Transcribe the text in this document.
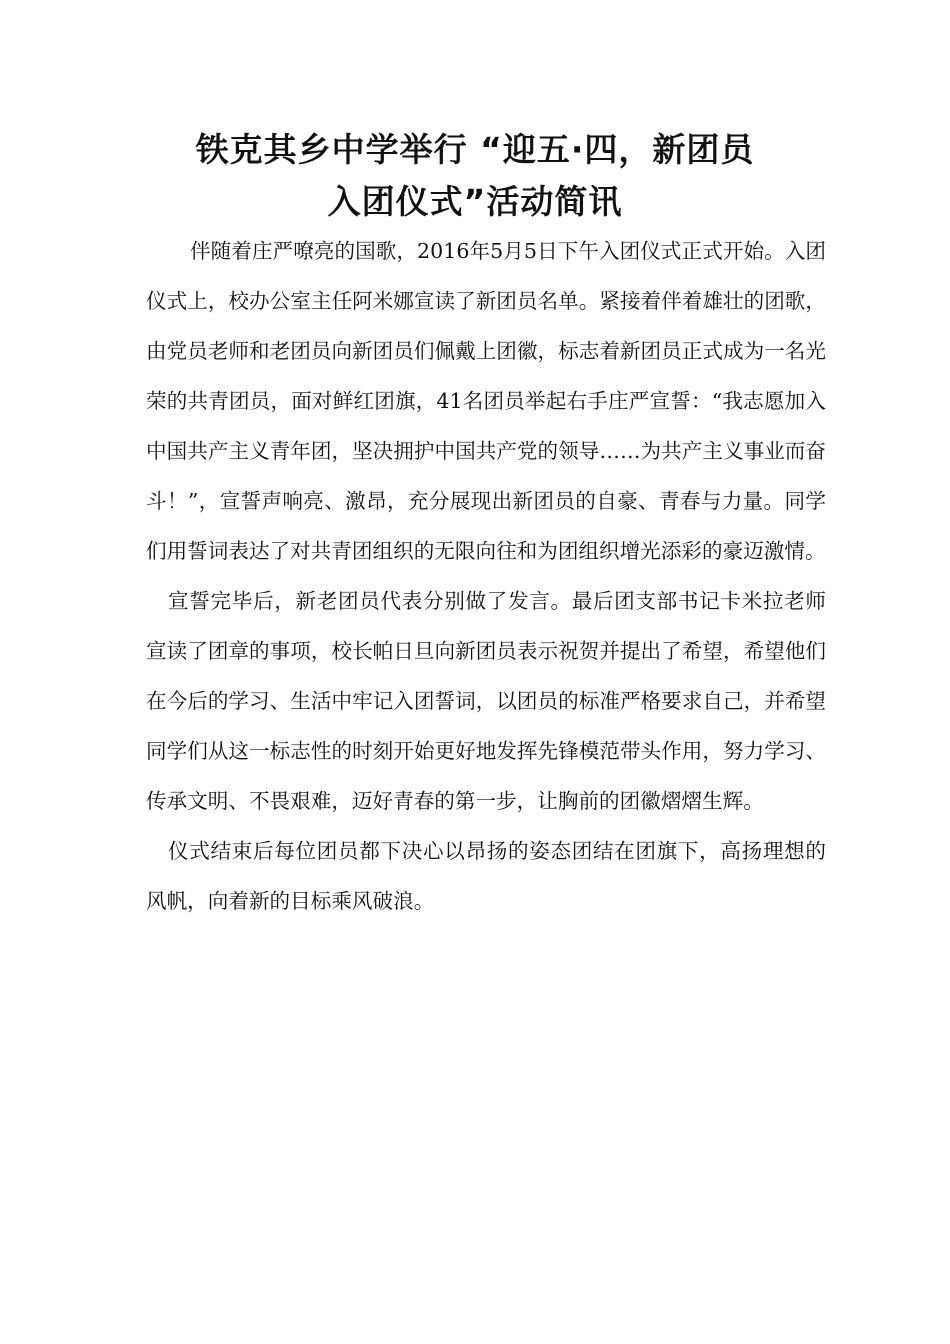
铁克其乡中学举行 “迎五·四，新团员
入团仪式”活动简讯

伴随着庄严嘹亮的国歌，2016年5月5日下午入团仪式正式开始。入团仪式上，校办公室主任阿米娜宣读了新团员名单。紧接着伴着雄壮的团歌，由党员老师和老团员向新团员们佩戴上团徽，标志着新团员正式成为一名光荣的共青团员，面对鲜红团旗，41名团员举起右手庄严宣誓：“我志愿加入中国共产主义青年团，坚决拥护中国共产党的领导……为共产主义事业而奋斗！”，宣誓声响亮、激昂，充分展现出新团员的自豪、青春与力量。同学们用誓词表达了对共青团组织的无限向往和为团组织增光添彩的豪迈激情。

宣誓完毕后，新老团员代表分别做了发言。最后团支部书记卡米拉老师宣读了团章的事项，校长帕日旦向新团员表示祝贺并提出了希望，希望他们在今后的学习、生活中牢记入团誓词，以团员的标准严格要求自己，并希望同学们从这一标志性的时刻开始更好地发挥先锋模范带头作用，努力学习、传承文明、不畏艰难，迈好青春的第一步，让胸前的团徽熠熠生辉。

仪式结束后每位团员都下决心以昂扬的姿态团结在团旗下，高扬理想的风帆，向着新的目标乘风破浪。
